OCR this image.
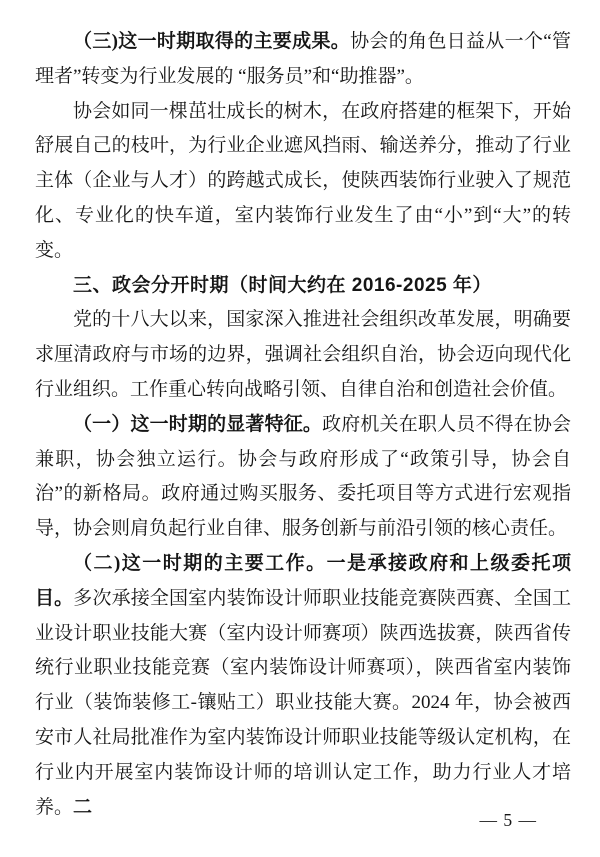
（三)这一时期取得的主要成果。协会的角色日益从一个“管理者”转变为行业发展的 “服务员”和“助推器”。

协会如同一棵茁壮成长的树木，在政府搭建的框架下，开始舒展自己的枝叶，为行业企业遮风挡雨、输送养分，推动了行业主体（企业与人才）的跨越式成长，使陕西装饰行业驶入了规范化、专业化的快车道，室内装饰行业发生了由“小”到“大”的转变。

三、政会分开时期（时间大约在 2016-2025 年）

党的十八大以来，国家深入推进社会组织改革发展，明确要求厘清政府与市场的边界，强调社会组织自治，协会迈向现代化行业组织。工作重心转向战略引领、自律自治和创造社会价值。

（一）这一时期的显著特征。政府机关在职人员不得在协会兼职，协会独立运行。协会与政府形成了“政策引导，协会自治”的新格局。政府通过购买服务、委托项目等方式进行宏观指导，协会则肩负起行业自律、服务创新与前沿引领的核心责任。

（二)这一时期的主要工作。一是承接政府和上级委托项目。多次承接全国室内装饰设计师职业技能竞赛陕西赛、全国工业设计职业技能大赛（室内设计师赛项）陕西选拔赛，陕西省传统行业职业技能竞赛（室内装饰设计师赛项），陕西省室内装饰行业（装饰装修工-镶贴工）职业技能大赛。2024 年，协会被西安市人社局批准作为室内装饰设计师职业技能等级认定机构，在行业内开展室内装饰设计师的培训认定工作，助力行业人才培养。二

— 5 —
